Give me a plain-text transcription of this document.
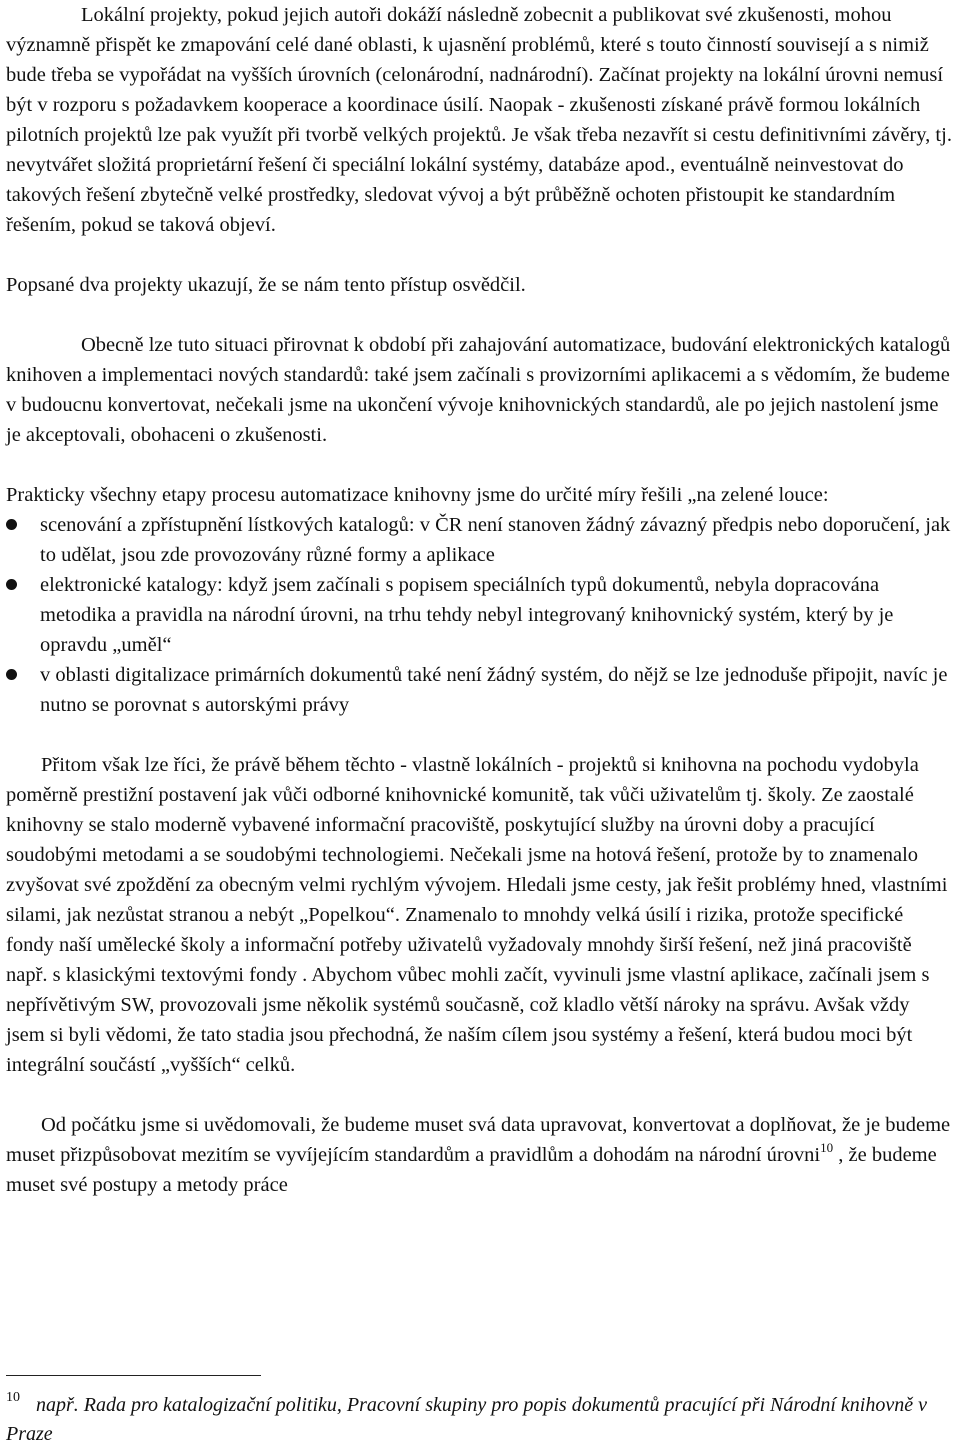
Lokální projekty, pokud jejich autoři dokáží následně zobecnit a publikovat své zkušenosti, mohou významně přispět ke zmapování celé dané oblasti, k ujasnění problémů, které s touto činností souvisejí a s nimiž bude třeba se vypořádat na vyšších úrovních (celonárodní, nadnárodní). Začínat projekty na lokální úrovni nemusí být v rozporu s požadavkem kooperace a koordinace úsilí. Naopak - zkušenosti získané právě formou lokálních pilotních projektů lze pak využít při tvorbě velkých projektů. Je však třeba nezavřít si cestu definitivními závěry, tj. nevytvářet složitá proprietární řešení či speciální lokální systémy, databáze apod., eventuálně neinvestovat do takových řešení zbytečně velké prostředky, sledovat vývoj a být průběžně ochoten přistoupit ke standardním řešením, pokud se taková objeví.

Popsané dva projekty ukazují, že se nám tento přístup osvědčil.

Obecně lze tuto situaci přirovnat k období při zahajování automatizace, budování elektronických katalogů knihoven a implementaci nových standardů: také jsem začínali s provizorními aplikacemi a s vědomím, že budeme v budoucnu konvertovat, nečekali jsme na ukončení vývoje knihovnických standardů, ale po jejich nastolení jsme je akceptovali, obohaceni o zkušenosti.

Prakticky všechny etapy procesu automatizace knihovny jsme do určité míry řešili „na zelené louce:

scenování a zpřístupnění lístkových katalogů: v ČR není stanoven žádný závazný předpis nebo doporučení, jak to udělat, jsou zde provozovány různé formy a aplikace
elektronické katalogy: když jsem začínali s popisem speciálních typů dokumentů, nebyla dopracována metodika a pravidla na národní úrovni, na trhu tehdy nebyl integrovaný knihovnický systém, který by je opravdu „uměl“
v oblasti digitalizace primárních dokumentů také není žádný systém, do nějž se lze jednoduše připojit, navíc je nutno se porovnat s autorskými právy

Přitom však lze říci, že právě během těchto - vlastně lokálních - projektů si knihovna na pochodu vydobyla poměrně prestižní postavení jak vůči odborné knihovnické komunitě, tak vůči uživatelům tj. školy. Ze zaostalé knihovny se stalo moderně vybavené informační pracoviště, poskytující služby na úrovni doby a pracující soudobými metodami a se soudobými technologiemi. Nečekali jsme na hotová řešení, protože by to znamenalo zvyšovat své zpoždění za obecným velmi rychlým vývojem. Hledali jsme cesty, jak řešit problémy hned, vlastními silami, jak nezůstat stranou a nebýt „Popelkou“. Znamenalo to mnohdy velká úsilí i rizika, protože specifické fondy naší umělecké školy a informační potřeby uživatelů vyžadovaly mnohdy širší řešení, než jiná pracoviště např. s klasickými textovými fondy . Abychom vůbec mohli začít, vyvinuli jsme vlastní aplikace, začínali jsem s nepřívětivým SW, provozovali jsme několik systémů současně, což kladlo větší nároky na správu. Avšak vždy jsem si byli vědomi, že tato stadia jsou přechodná, že naším cílem jsou systémy a řešení, která budou moci být integrální součástí „vyšších“ celků.

Od počátku jsme si uvědomovali, že budeme muset svá data upravovat, konvertovat a doplňovat, že je budeme muset přizpůsobovat mezitím se vyvíjejícím standardům a pravidlům a dohodám na národní úrovni$^{10}$ , že budeme muset své postupy a metody práce

$^{10}$ např. Rada pro katalogizační politiku, Pracovní skupiny pro popis dokumentů pracující při Národní knihovně v Praze
